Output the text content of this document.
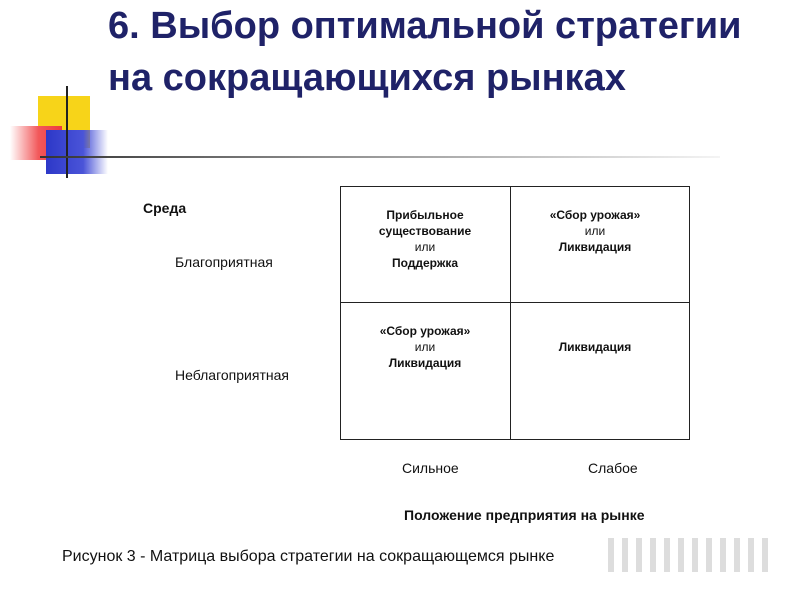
6. Выбор оптимальной стратегии на сокращающихся рынках
Среда
Благоприятная
Неблагоприятная
Прибыльное существование
или
Поддержка
«Сбор урожая»
или
Ликвидация
«Сбор урожая»
или
Ликвидация
Ликвидация
Сильное	Слабое
Положение предприятия на рынке
Рисунок 3 - Матрица выбора стратегии на сокращающемся рынке
